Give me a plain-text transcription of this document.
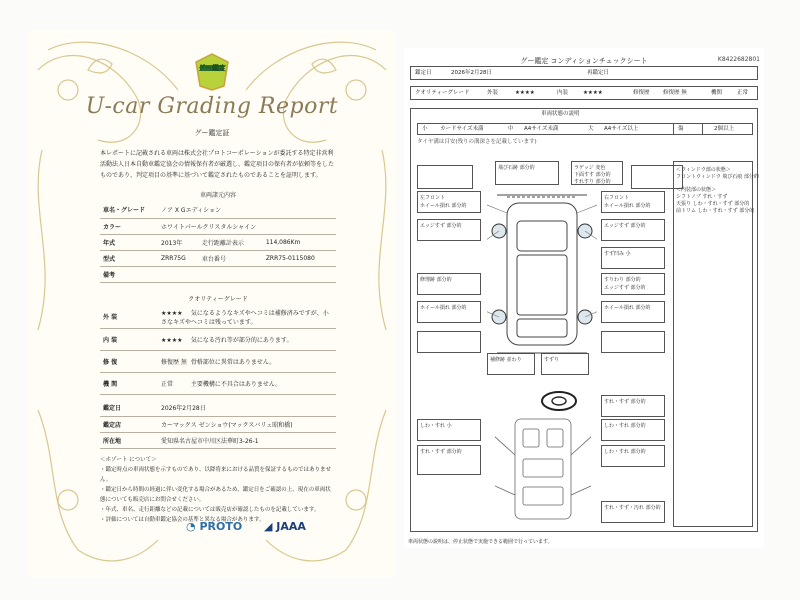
グー鑑定
U-car Grading Report
グー鑑定証
本レポートに記載される車両は株式会社プロトコーポレーションが委託する特定非営利活動法人日本自動車鑑定協会の情報保有者が厳選し、鑑定項目の保有者が依頼等をしたものであり、判定項目の基準に基づいて鑑定されたものであることを証明します。
車両諸元内容
車名・グレード	ノア X Gエディション		
カラー	ホワイトパールクリスタルシャイン		
年式	2013年	走行距離計表示	114,086Km
型式	ZRR75G	車台番号	ZRR75-0115080
備考			
クオリティーグレード
外 装	★★★★ 気になるようなキズやヘコミは補修済みですが、小さなキズやヘコミは残っています。
内 装	★★★★ 気になる汚れ等が部分的にあります。
修 復	修復歴 無 骨格部位に異常はありません。
機 関	正常 主要機構に不具合はありません。
鑑定日	2026年2月28日
鑑定店	カーマックス ゼンショウ(マックスバリュ昭和橋)
所在地	愛知県名古屋市中川区法華町3-26-1
＜ホゾート について＞
・鑑定時点の車両状態を示すものであり、以降将来における品質を保証するものではありません。
・鑑定日から時間の経過に伴い変化する場合があるため、鑑定日をご確認の上、現在の車両状態についても販売店にお問合せください。
・年式、車名、走行距離などの記載については販売店が確認したものを記載しています。
・評価については自動車鑑定協会の基準と異なる場合があります。
◔ PROTO ◢ JAAA
グー鑑定 コンディションチェックシート	K8422682801
鑑定日	2026年2月28日	再鑑定日
クオリティーグレード	外装	★★★★	内装	★★★★	修復歴 修復歴 無	機関	正常
車両状態の説明
小 カードサイズ未満	中 A4サイズ未満	大 A4サイズ以上	傷	2個以上
タイヤ溝は目安(残りの溝深さを記載しています)
飛び石跡 部分的	ラゲッジ 変色
下面すす 部分的
すれすり 部分的
左フロント
ホイール損れ 部分的
右フロント
ホイール損れ 部分的
エッジすず 部分的	エッジすず 部分的
すず凹み 小
修理跡 部分的	すりわり 部分的
エッジすず 部分的
ホイール損れ 部分的	ホイール損れ 部分的
補修跡 並わり	すずり
すれ・すず 部分的
しわ・すれ 小	しわ・すれ 部分的
すれ・すず 部分的	しわ・すれ 部分的
すれ・すず・汚れ 部分的
＜ウィンドウ部の状態＞
フロントウィンドウ 飛び石痕 部分的
＜内装部の状態＞
シフトノブ すれ・すず
天張り しわ・すれ・すず 部分的
前トリム しわ・すれ・すず 部分的
車両状態の説明は、停止状態で実施できる範囲で行っています。
